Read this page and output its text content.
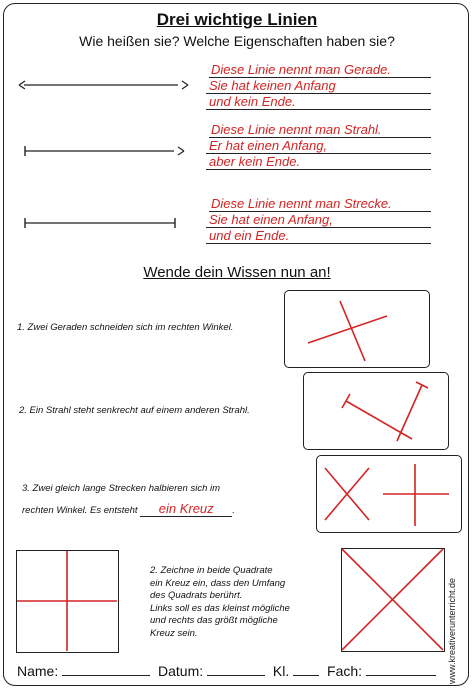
Drei wichtige Linien
Wie heißen sie? Welche Eigenschaften haben sie?
Diese Linie nennt man Gerade.
Sie hat keinen Anfang
und kein Ende.
Diese Linie nennt man Strahl.
Er hat einen Anfang,
aber kein Ende.
Diese Linie nennt man Strecke.
Sie hat einen Anfang,
und ein Ende.
Wende dein Wissen nun an!
1. Zwei Geraden schneiden sich im rechten Winkel.
2. Ein Strahl steht senkrecht auf einem anderen Strahl.
3. Zwei gleich lange Strecken halbieren sich im
rechten Winkel. Es entsteht ein Kreuz .
2. Zeichne in beide Quadrate
ein Kreuz ein, dass den Umfang
des Quadrats berührt.
Links soll es das kleinst mögliche
und rechts das größt mögliche
Kreuz sein.	www.kreativerunterricht.de
Name:	Datum:	Kl.	Fach:
